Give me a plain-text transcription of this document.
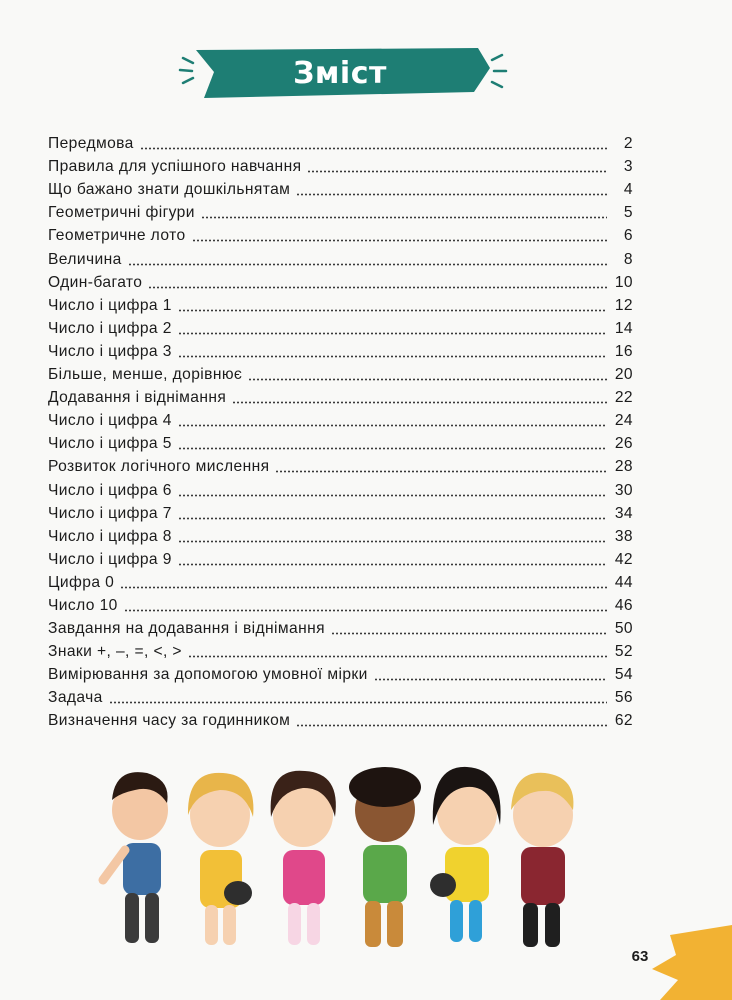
Зміст
Передмова	2
Правила для успішного навчання	3
Що бажано знати дошкільнятам	4
Геометричні фігури	5
Геометричне лото	6
Величина	8
Один-багато	10
Число і цифра 1	12
Число і цифра 2	14
Число і цифра 3	16
Більше, менше, дорівнює	20
Додавання і віднімання	22
Число і цифра 4	24
Число і цифра 5	26
Розвиток логічного мислення	28
Число і цифра 6	30
Число і цифра 7	34
Число і цифра 8	38
Число і цифра 9	42
Цифра 0	44
Число 10	46
Завдання на додавання і віднімання	50
Знаки +, –, =, <, >	52
Вимірювання за допомогою умовної мірки	54
Задача	56
Визначення часу за годинником	62
63
